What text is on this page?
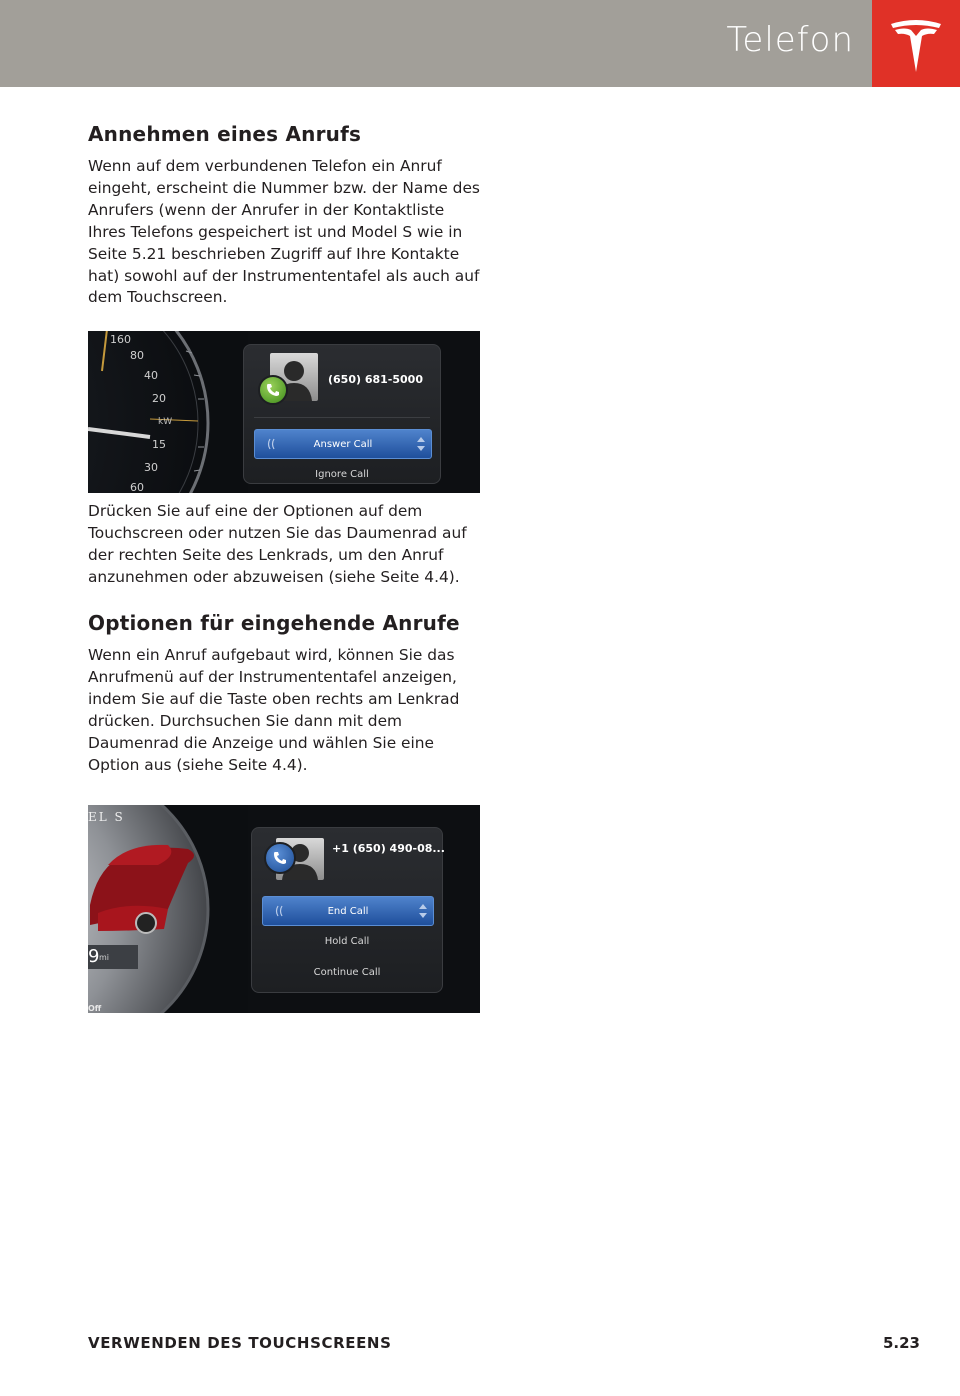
Telefon
Annehmen eines Anrufs

Wenn auf dem verbundenen Telefon ein Anruf eingeht, erscheint die Nummer bzw. der Name des Anrufers (wenn der Anrufer in der Kontaktliste Ihres Telefons gespeichert ist und Model S wie in Seite 5.21 beschrieben Zugriff auf Ihre Kontakte hat) sowohl auf der Instrumententafel als auch auf dem Touchscreen.

160
80
40
20
kW
15
30
60
(650) 681-5000
Answer Call
Ignore Call

Drücken Sie auf eine der Optionen auf dem Touchscreen oder nutzen Sie das Daumenrad auf der rechten Seite des Lenkrads, um den Anruf anzunehmen oder abzuweisen (siehe Seite 4.4).

Optionen für eingehende Anrufe

Wenn ein Anruf aufgebaut wird, können Sie das Anrufmenü auf der Instrumententafel anzeigen, indem Sie auf die Taste oben rechts am Lenkrad drücken. Durchsuchen Sie dann mit dem Daumenrad die Anzeige und wählen Sie eine Option aus (siehe Seite 4.4).

EL S
9 mi
Off
+1 (650) 490-08...
End Call
Hold Call
Continue Call
VERWENDEN DES TOUCHSCREENS	5.23
